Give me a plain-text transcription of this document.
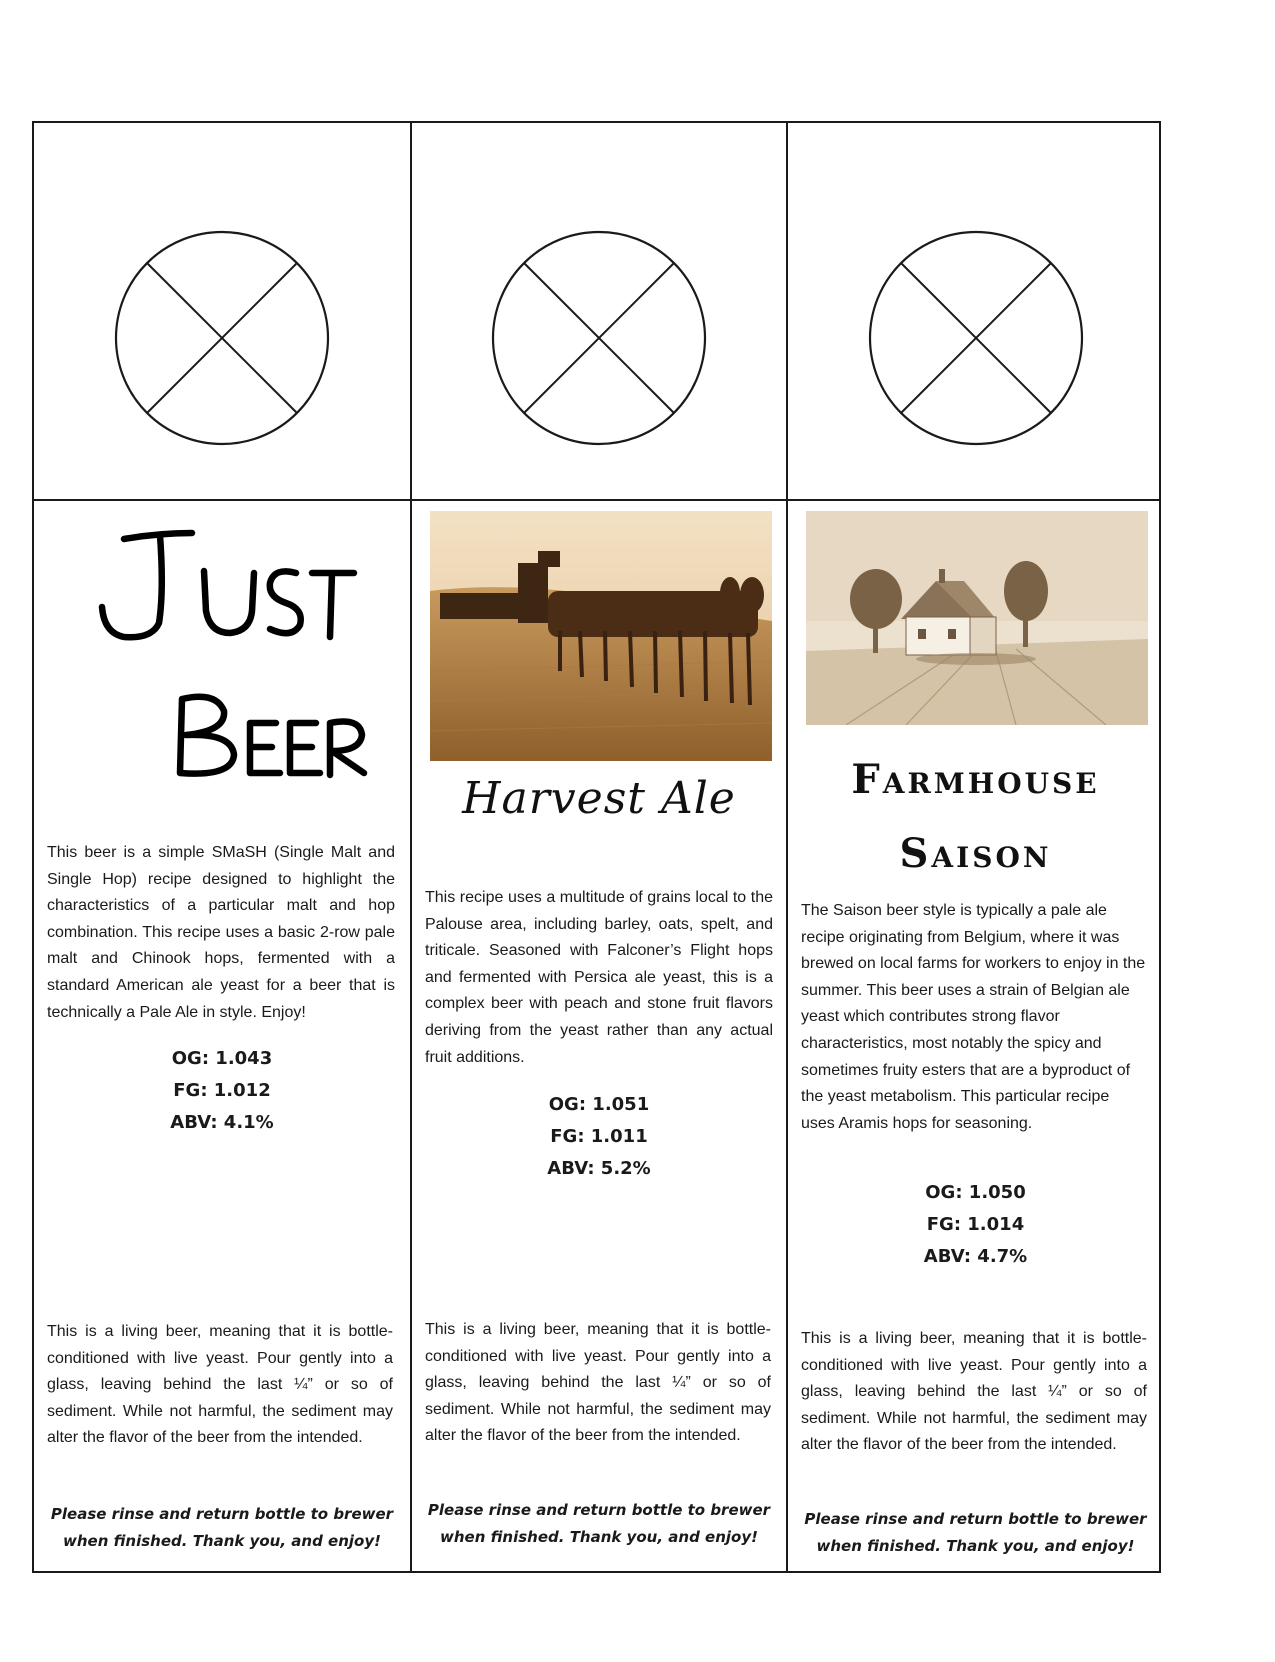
This beer is a simple SMaSH (Single Malt and Single Hop) recipe designed to highlight the characteristics of a particular malt and hop combination. This recipe uses a basic 2-row pale malt and Chinook hops, fermented with a standard American ale yeast for a beer that is technically a Pale Ale in style. Enjoy!
OG: 1.043
FG: 1.012
ABV: 4.1%
This is a living beer, meaning that it is bottle-conditioned with live yeast. Pour gently into a glass, leaving behind the last ¼” or so of sediment. While not harmful, the sediment may alter the flavor of the beer from the intended.
Please rinse and return bottle to brewer
when finished. Thank you, and enjoy!
Harvest Ale
This recipe uses a multitude of grains local to the Palouse area, including barley, oats, spelt, and triticale. Seasoned with Falconer’s Flight hops and fermented with Persica ale yeast, this is a complex beer with peach and stone fruit flavors deriving from the yeast rather than any actual fruit additions.
OG: 1.051
FG: 1.011
ABV: 5.2%
This is a living beer, meaning that it is bottle-conditioned with live yeast. Pour gently into a glass, leaving behind the last ¼” or so of sediment. While not harmful, the sediment may alter the flavor of the beer from the intended.
Please rinse and return bottle to brewer
when finished. Thank you, and enjoy!
Farmhouse
Saison
The Saison beer style is typically a pale ale recipe originating from Belgium, where it was brewed on local farms for workers to enjoy in the summer. This beer uses a strain of Belgian ale yeast which contributes strong flavor characteristics, most notably the spicy and sometimes fruity esters that are a byproduct of the yeast metabolism. This particular recipe uses Aramis hops for seasoning.
OG: 1.050
FG: 1.014
ABV: 4.7%
This is a living beer, meaning that it is bottle-conditioned with live yeast. Pour gently into a glass, leaving behind the last ¼” or so of sediment. While not harmful, the sediment may alter the flavor of the beer from the intended.
Please rinse and return bottle to brewer
when finished. Thank you, and enjoy!
